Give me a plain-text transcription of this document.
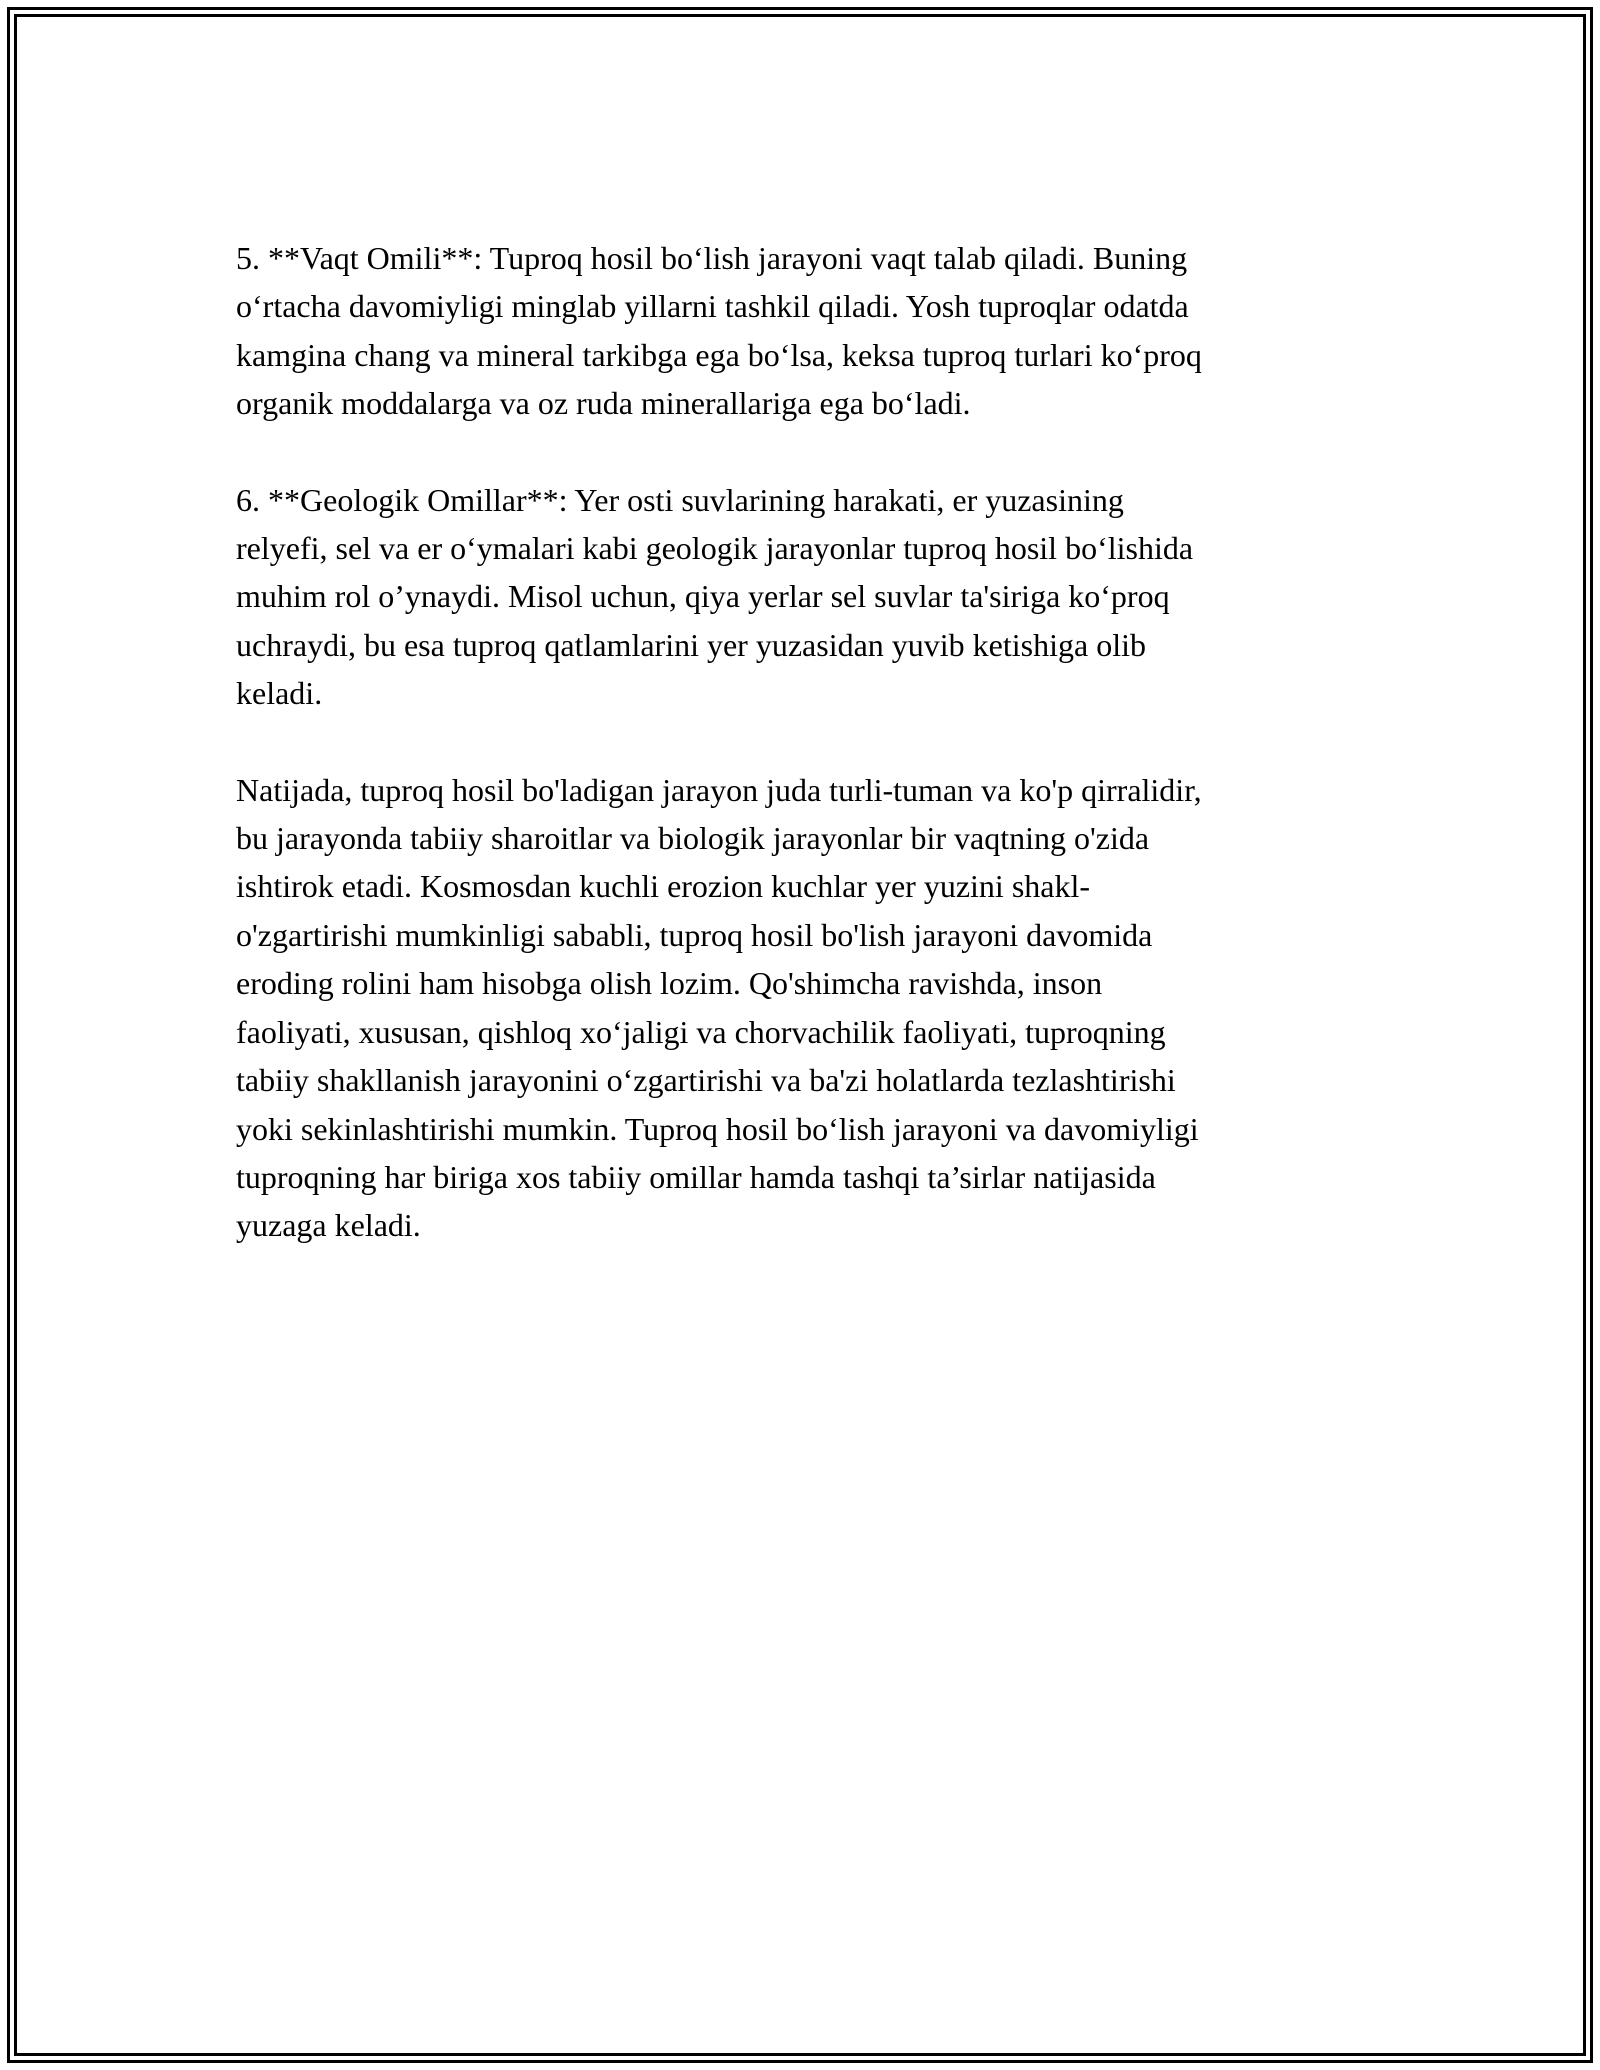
5. **Vaqt Omili**: Tuproq hosil boʻlish jarayoni vaqt talab qiladi. Buning
oʻrtacha davomiyligi minglab yillarni tashkil qiladi. Yosh tuproqlar odatda
kamgina chang va mineral tarkibga ega boʻlsa, keksa tuproq turlari koʻproq
organik moddalarga va oz ruda minerallariga ega boʻladi.

6. **Geologik Omillar**: Yer osti suvlarining harakati, er yuzasining
relyefi, sel va er oʻymalari kabi geologik jarayonlar tuproq hosil boʻlishida
muhim rol o’ynaydi. Misol uchun, qiya yerlar sel suvlar ta'siriga koʻproq
uchraydi, bu esa tuproq qatlamlarini yer yuzasidan yuvib ketishiga olib
keladi.

Natijada, tuproq hosil bo'ladigan jarayon juda turli-tuman va ko'p qirralidir,
bu jarayonda tabiiy sharoitlar va biologik jarayonlar bir vaqtning o'zida
ishtirok etadi. Kosmosdan kuchli erozion kuchlar yer yuzini shakl-
o'zgartirishi mumkinligi sababli, tuproq hosil bo'lish jarayoni davomida
eroding rolini ham hisobga olish lozim. Qo'shimcha ravishda, inson
faoliyati, xususan, qishloq xoʻjaligi va chorvachilik faoliyati, tuproqning
tabiiy shakllanish jarayonini oʻzgartirishi va ba'zi holatlarda tezlashtirishi
yoki sekinlashtirishi mumkin. Tuproq hosil boʻlish jarayoni va davomiyligi
tuproqning har biriga xos tabiiy omillar hamda tashqi ta’sirlar natijasida
yuzaga keladi.
